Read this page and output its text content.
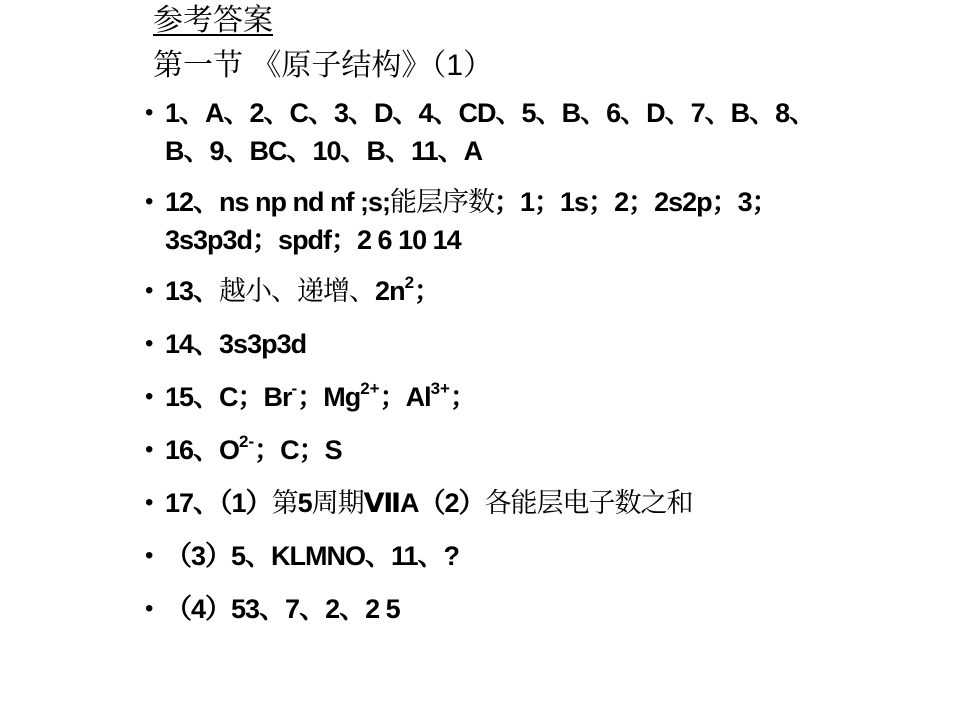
参考答案
第一节 《原子结构》（1）
• 1、A、2、C、3、D、4、CD、5、B、6、D、7、B、8、
B、9、BC、10、B、11、A
• 12、ns np nd nf ;s;能层序数；1；1s；2；2s2p；3；
3s3p3d；spdf；2 6 10 14
• 13、越小、递增、$2n^2$；
• 14、3s3p3d
• 15、C；Br-；$Mg^{2+}$；$Al^{3+}$；
• 16、$O^{2-}$；C；S
• 17、（1）第5周期ⅦA（2）各能层电子数之和
• （3）5、KLMNO、11、?
• （4）53、7、2、2 5
